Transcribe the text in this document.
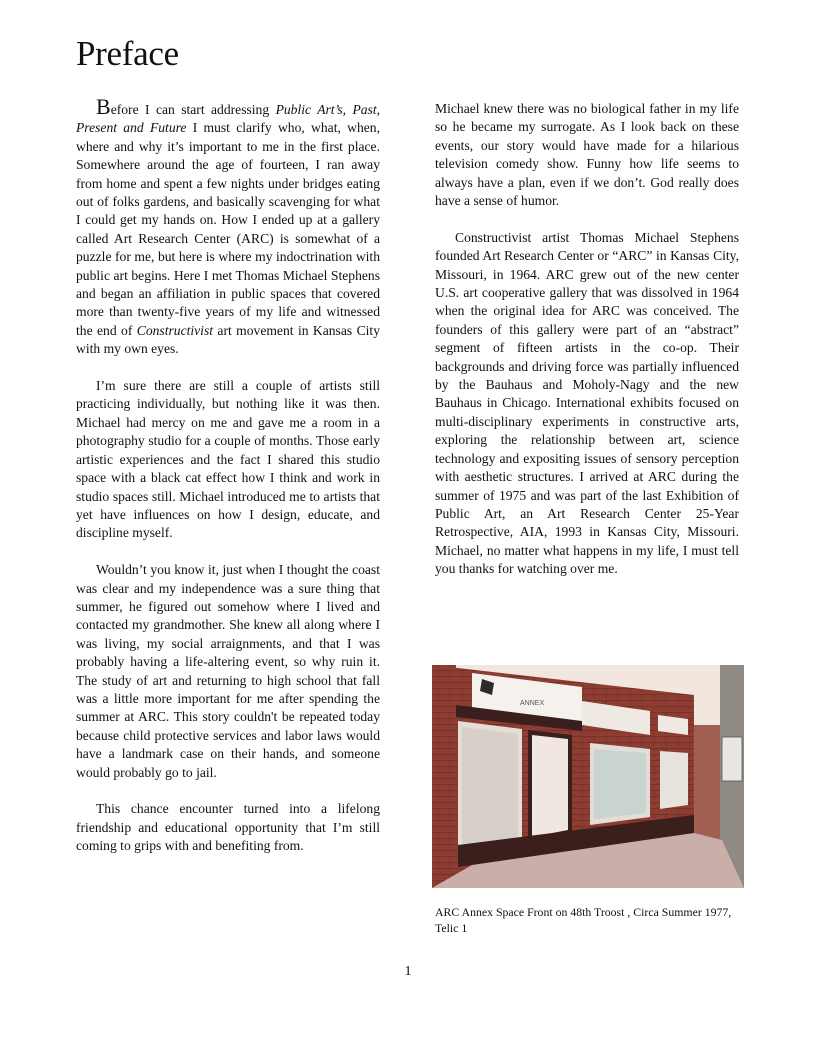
Preface

Before I can start addressing Public Art’s, Past, Present and Future I must clarify who, what, when, where and why it’s important to me in the first place. Somewhere around the age of fourteen, I ran away from home and spent a few nights under bridges eating out of folks gardens, and basically scavenging for what I could get my hands on. How I ended up at a gallery called Art Research Center (ARC) is somewhat of a puzzle for me, but here is where my indoctrination with public art begins. Here I met Thomas Michael Stephens and began an affiliation in public spaces that covered more than twenty-five years of my life and witnessed the end of Constructivist art movement in Kansas City with my own eyes.

I’m sure there are still a couple of artists still practicing individually, but nothing like it was then. Michael had mercy on me and gave me a room in a photography studio for a couple of months. Those early artistic experiences and the fact I shared this studio space with a black cat effect how I think and work in studio spaces still. Michael introduced me to artists that yet have influences on how I design, educate, and discipline myself.

Wouldn’t you know it, just when I thought the coast was clear and my independence was a sure thing that summer, he figured out somehow where I lived and contacted my grandmother. She knew all along where I was living, my social arraignments, and that I was probably having a life-altering event, so why ruin it. The study of art and returning to high school that fall was a little more important for me after spending the summer at ARC. This story couldn't be repeated today because child protective services and labor laws would have a landmark case on their hands, and someone would probably go to jail.

This chance encounter turned into a lifelong friendship and educational opportunity that I’m still coming to grips with and benefiting from.

Michael knew there was no biological father in my life so he became my surrogate. As I look back on these events, our story would have made for a hilarious television comedy show. Funny how life seems to always have a plan, even if we don’t. God really does have a sense of humor.

Constructivist artist Thomas Michael Stephens founded Art Research Center or “ARC” in Kansas City, Missouri, in 1964. ARC grew out of the new center U.S. art cooperative gallery that was dissolved in 1964 when the original idea for ARC was conceived. The founders of this gallery were part of an “abstract” segment of fifteen artists in the co-op. Their backgrounds and driving force was partially influenced by the Bauhaus and Moholy-Nagy and the new Bauhaus in Chicago. International exhibits focused on multi-disciplinary experiments in constructive arts, exploring the relationship between art, science technology and expositing issues of sensory perception with aesthetic structures. I arrived at ARC during the summer of 1975 and was part of the last Exhibition of Public Art, an Art Research Center 25-Year Retrospective, AIA, 1993 in Kansas City, Missouri. Michael, no matter what happens in my life, I must tell you thanks for watching over me.

ANNEX
ARC Annex Space Front on 48th Troost , Circa Summer 1977, Telic 1
1
